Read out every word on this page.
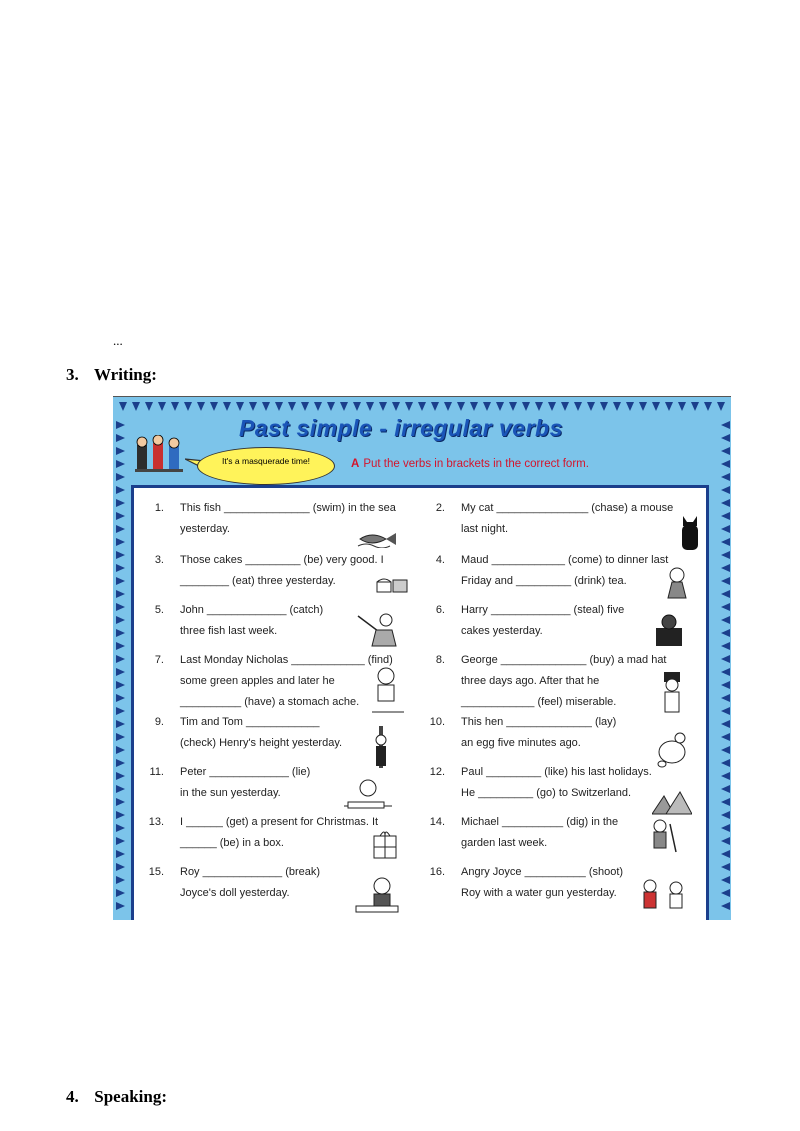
...
3. Writing:
Past simple - irregular verbs
It's a masquerade time!	A Put the verbs in brackets in the correct form.
1. This fish ______________ (swim) in the sea
yesterday.
2. My cat _______________ (chase) a mouse
last night.
3. Those cakes _________ (be) very good. I
________ (eat) three yesterday.
4. Maud ____________ (come) to dinner last
Friday and _________ (drink) tea.
5. John _____________ (catch)
three fish last week.
6. Harry _____________ (steal) five
cakes yesterday.
7. Last Monday Nicholas ____________ (find)
some green apples and later he
__________ (have) a stomach ache.
8. George ______________ (buy) a mad hat
three days ago. After that he
____________ (feel) miserable.
9. Tim and Tom ____________
(check) Henry's height yesterday.
10. This hen ______________ (lay)
an egg five minutes ago.
11. Peter _____________ (lie)
in the sun yesterday.
12. Paul _________ (like) his last holidays.
He _________ (go) to Switzerland.
13. I ______ (get) a present for Christmas. It
______ (be) in a box.
14. Michael __________ (dig) in the
garden last week.
15. Roy _____________ (break)
Joyce's doll yesterday.
16. Angry Joyce __________ (shoot)
Roy with a water gun yesterday.
4. Speaking:
